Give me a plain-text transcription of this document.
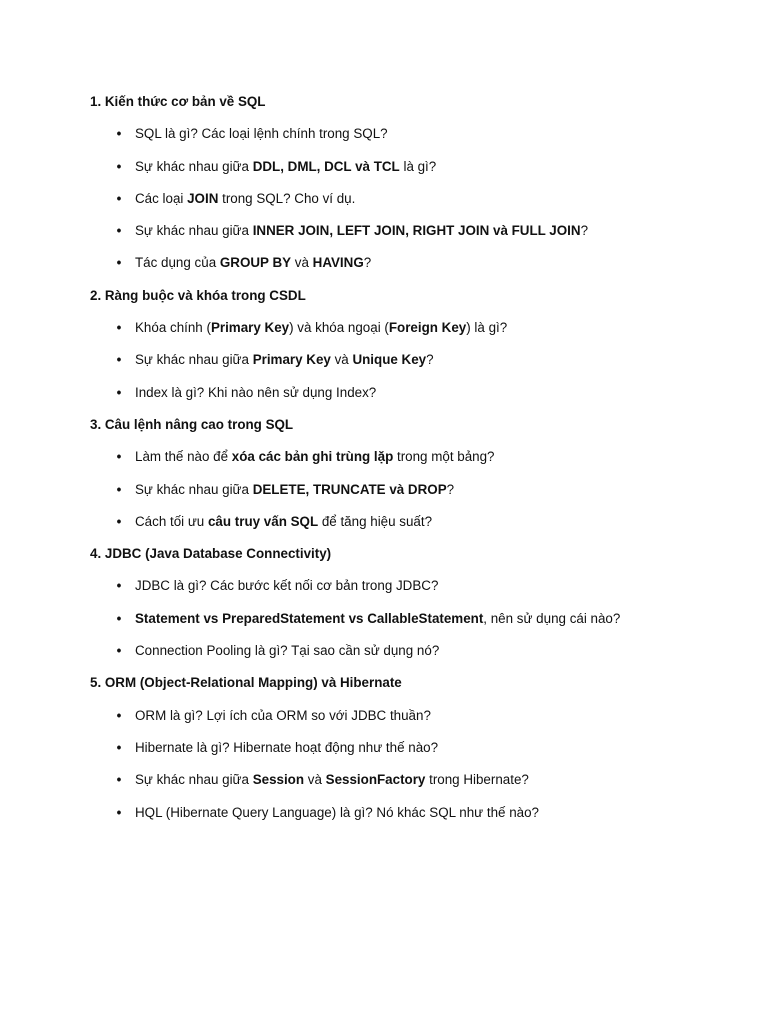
1. Kiến thức cơ bản về SQL
• SQL là gì? Các loại lệnh chính trong SQL?
• Sự khác nhau giữa DDL, DML, DCL và TCL là gì?
• Các loại JOIN trong SQL? Cho ví dụ.
• Sự khác nhau giữa INNER JOIN, LEFT JOIN, RIGHT JOIN và FULL JOIN?
• Tác dụng của GROUP BY và HAVING?
2. Ràng buộc và khóa trong CSDL
• Khóa chính (Primary Key) và khóa ngoại (Foreign Key) là gì?
• Sự khác nhau giữa Primary Key và Unique Key?
• Index là gì? Khi nào nên sử dụng Index?
3. Câu lệnh nâng cao trong SQL
• Làm thế nào để xóa các bản ghi trùng lặp trong một bảng?
• Sự khác nhau giữa DELETE, TRUNCATE và DROP?
• Cách tối ưu câu truy vấn SQL để tăng hiệu suất?
4. JDBC (Java Database Connectivity)
• JDBC là gì? Các bước kết nối cơ bản trong JDBC?
• Statement vs PreparedStatement vs CallableStatement, nên sử dụng cái nào?
• Connection Pooling là gì? Tại sao cần sử dụng nó?
5. ORM (Object-Relational Mapping) và Hibernate
• ORM là gì? Lợi ích của ORM so với JDBC thuần?
• Hibernate là gì? Hibernate hoạt động như thế nào?
• Sự khác nhau giữa Session và SessionFactory trong Hibernate?
• HQL (Hibernate Query Language) là gì? Nó khác SQL như thế nào?
